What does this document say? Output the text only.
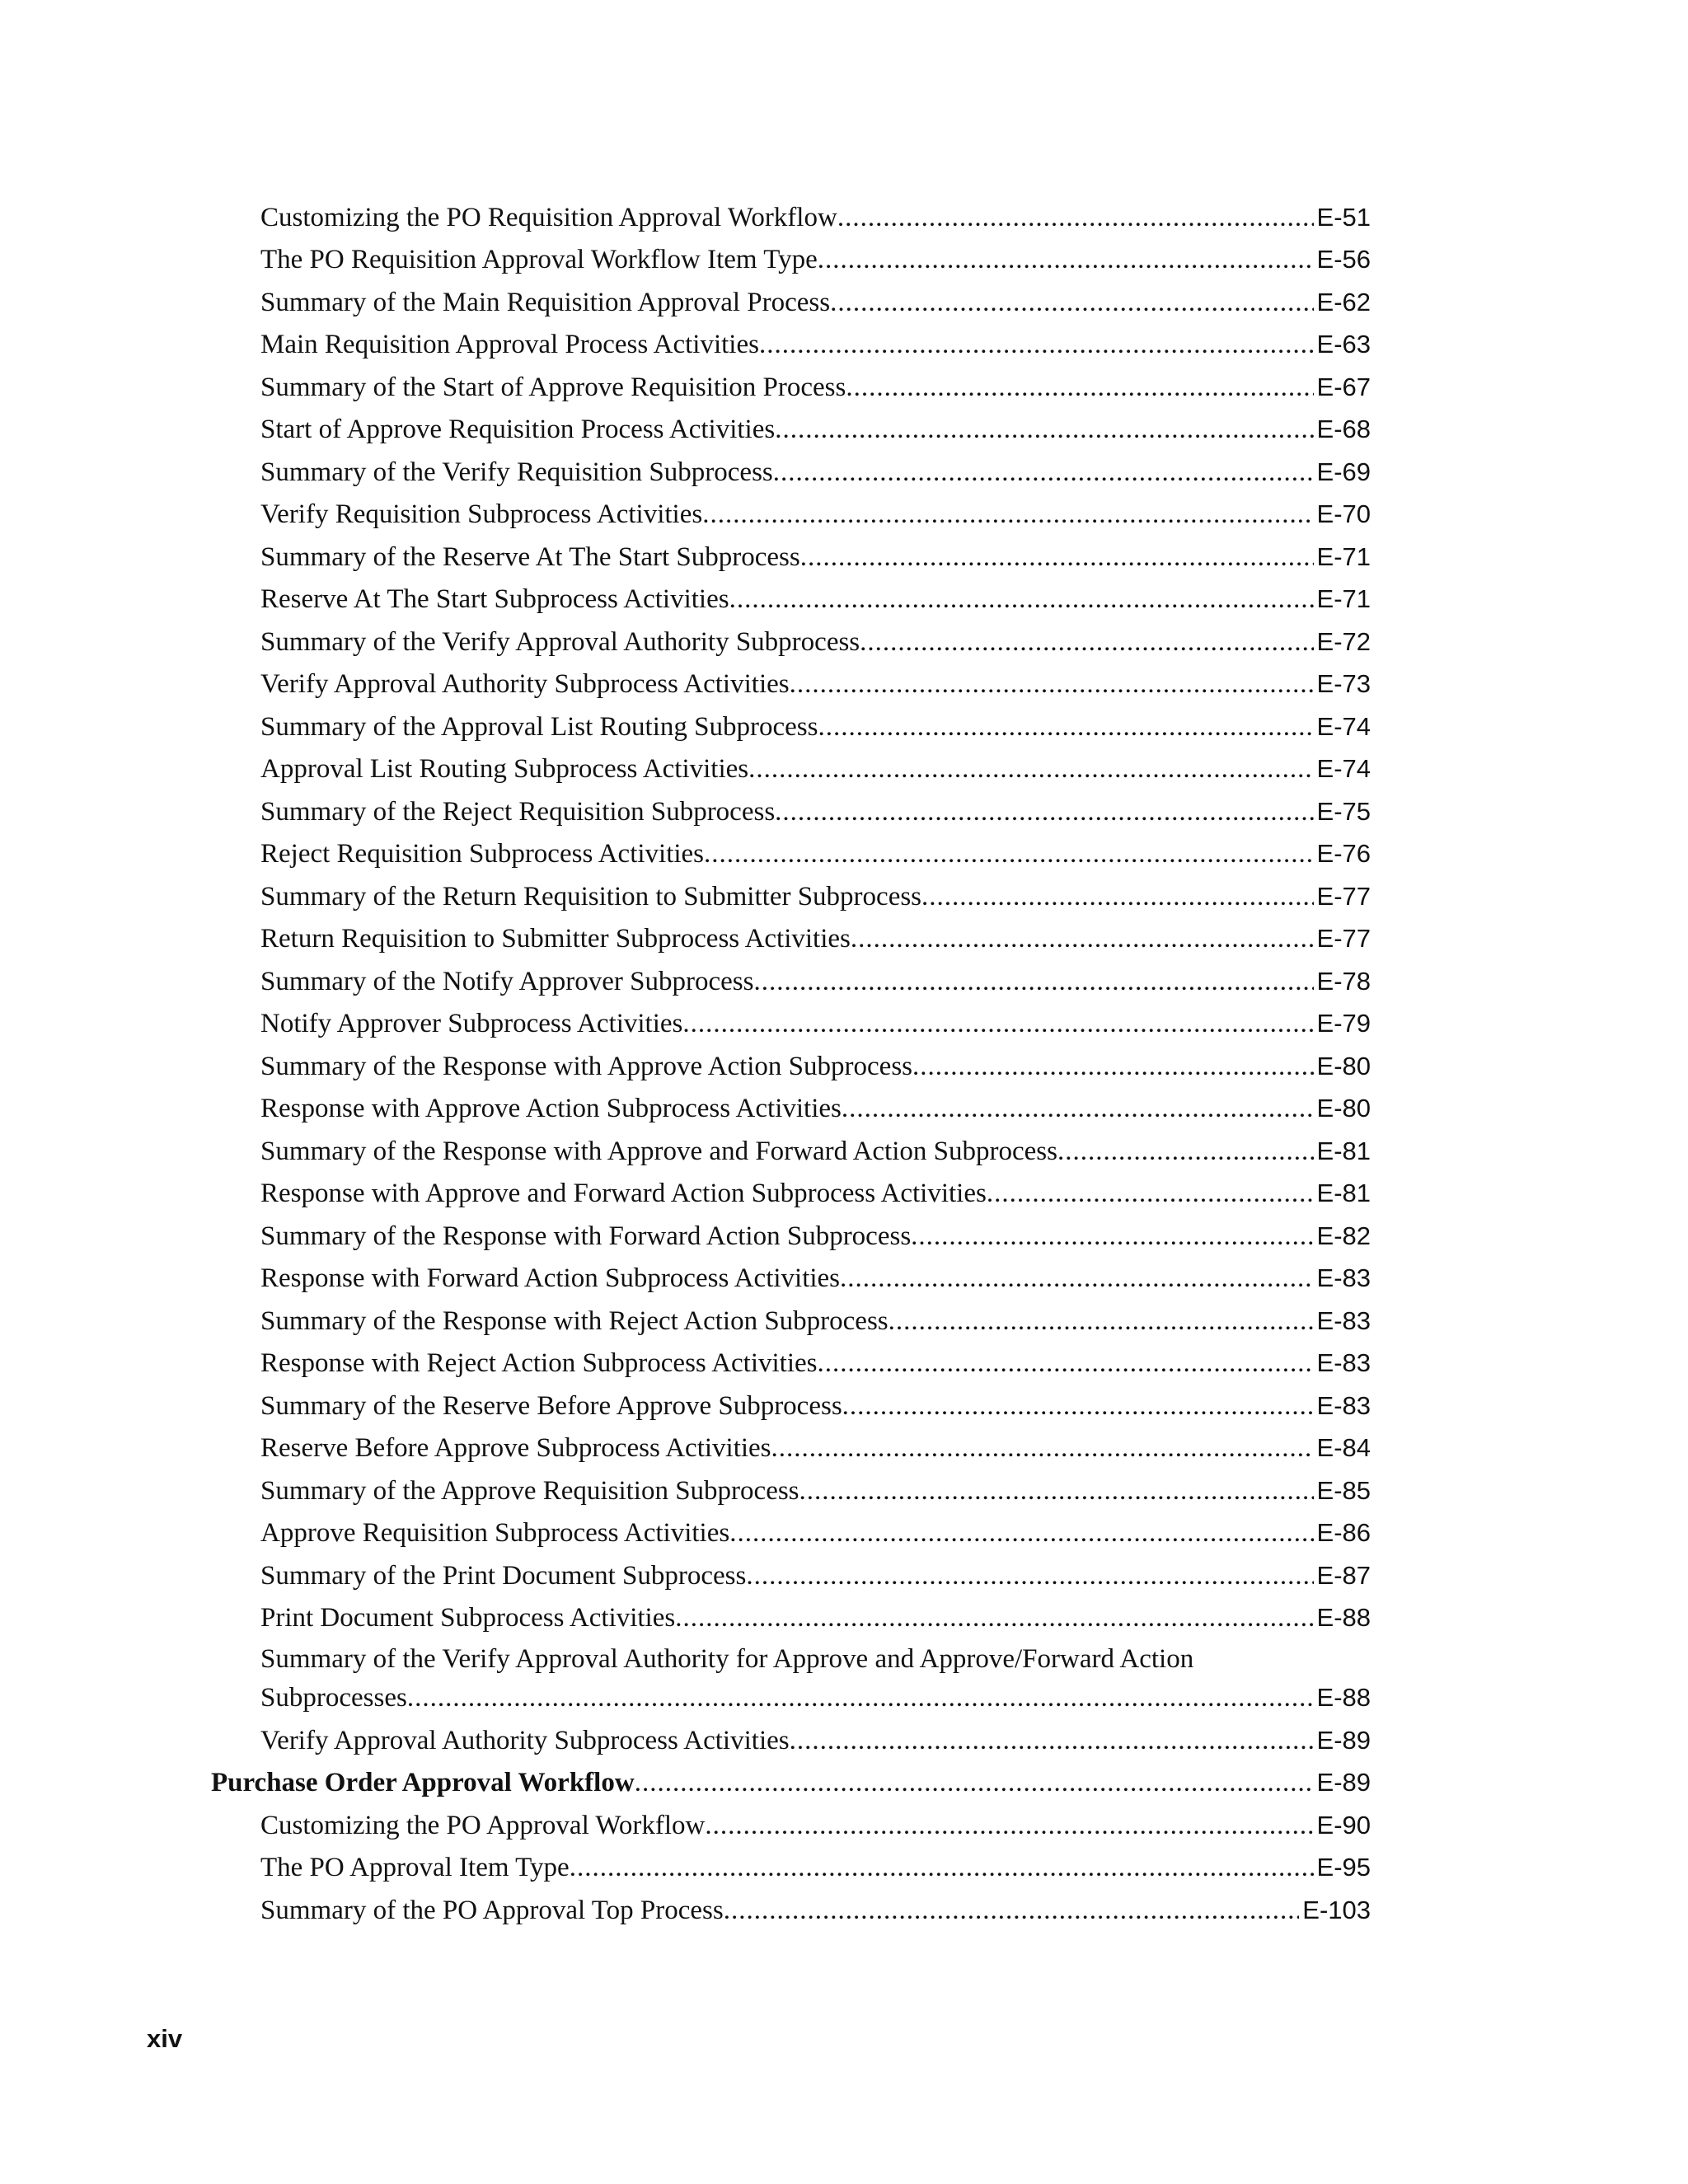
Customizing the PO Requisition Approval Workflow .....	E-51
The PO Requisition Approval Workflow Item Type .....	E-56
Summary of the Main Requisition Approval Process .....	E-62
Main Requisition Approval Process Activities .....	E-63
Summary of the Start of Approve Requisition Process .....	E-67
Start of Approve Requisition Process Activities .....	E-68
Summary of the Verify Requisition Subprocess .....	E-69
Verify Requisition Subprocess Activities .....	E-70
Summary of the Reserve At The Start Subprocess .....	E-71
Reserve At The Start Subprocess Activities .....	E-71
Summary of the Verify Approval Authority Subprocess .....	E-72
Verify Approval Authority Subprocess Activities .....	E-73
Summary of the Approval List Routing Subprocess .....	E-74
Approval List Routing Subprocess Activities .....	E-74
Summary of the Reject Requisition Subprocess .....	E-75
Reject Requisition Subprocess Activities .....	E-76
Summary of the Return Requisition to Submitter Subprocess .....	E-77
Return Requisition to Submitter Subprocess Activities .....	E-77
Summary of the Notify Approver Subprocess .....	E-78
Notify Approver Subprocess Activities .....	E-79
Summary of the Response with Approve Action Subprocess .....	E-80
Response with Approve Action Subprocess Activities .....	E-80
Summary of the Response with Approve and Forward Action Subprocess .....	E-81
Response with Approve and Forward Action Subprocess Activities .....	E-81
Summary of the Response with Forward Action Subprocess .....	E-82
Response with Forward Action Subprocess Activities .....	E-83
Summary of the Response with Reject Action Subprocess .....	E-83
Response with Reject Action Subprocess Activities .....	E-83
Summary of the Reserve Before Approve Subprocess .....	E-83
Reserve Before Approve Subprocess Activities .....	E-84
Summary of the Approve Requisition Subprocess .....	E-85
Approve Requisition Subprocess Activities .....	E-86
Summary of the Print Document Subprocess .....	E-87
Print Document Subprocess Activities .....	E-88
Summary of the Verify Approval Authority for Approve and Approve/Forward Action
Subprocesses .....	E-88
Verify Approval Authority Subprocess Activities .....	E-89
Purchase Order Approval Workflow .....	E-89
Customizing the PO Approval Workflow .....	E-90
The PO Approval Item Type .....	E-95
Summary of the PO Approval Top Process .....	E-103
xiv
